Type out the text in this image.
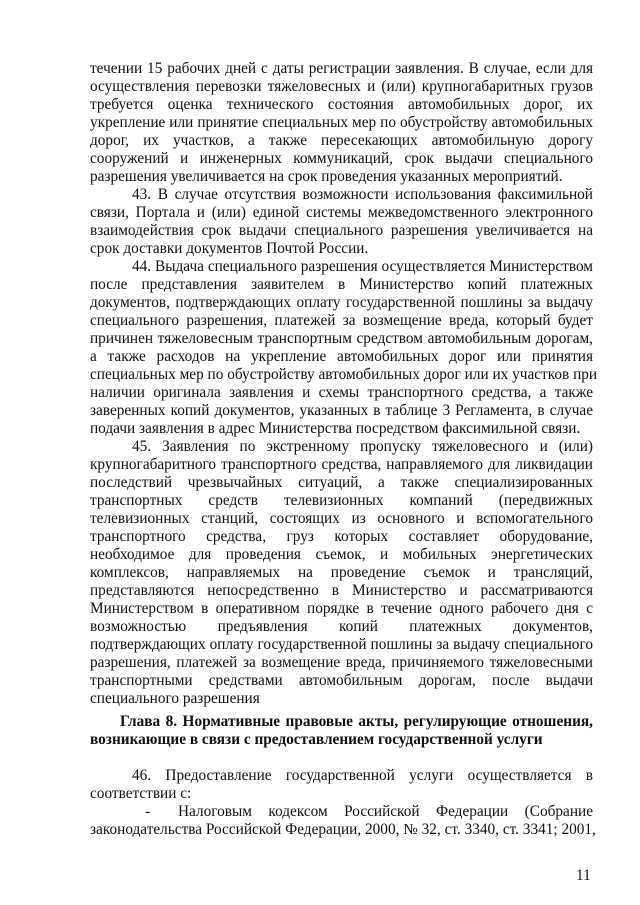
течении 15 рабочих дней с даты регистрации заявления. В случае, если для
осуществления перевозки тяжеловесных и (или) крупногабаритных грузов
требуется оценка технического состояния автомобильных дорог, их
укрепление или принятие специальных мер по обустройству автомобильных
дорог, их участков, а также пересекающих автомобильную дорогу
сооружений и инженерных коммуникаций, срок выдачи специального
разрешения увеличивается на срок проведения указанных мероприятий.
43. В случае отсутствия возможности использования факсимильной
связи, Портала и (или) единой системы межведомственного электронного
взаимодействия срок выдачи специального разрешения увеличивается на
срок доставки документов Почтой России.
44. Выдача специального разрешения осуществляется Министерством
после представления заявителем в Министерство копий платежных
документов, подтверждающих оплату государственной пошлины за выдачу
специального разрешения, платежей за возмещение вреда, который будет
причинен тяжеловесным транспортным средством автомобильным дорогам,
а также расходов на укрепление автомобильных дорог или принятия
специальных мер по обустройству автомобильных дорог или их участков при
наличии оригинала заявления и схемы транспортного средства, а также
заверенных копий документов, указанных в таблице 3 Регламента, в случае
подачи заявления в адрес Министерства посредством факсимильной связи.
45. Заявления по экстренному пропуску тяжеловесного и (или)
крупногабаритного транспортного средства, направляемого для ликвидации
последствий чрезвычайных ситуаций, а также специализированных
транспортных средств телевизионных компаний (передвижных
телевизионных станций, состоящих из основного и вспомогательного
транспортного средства, груз которых составляет оборудование,
необходимое для проведения съемок, и мобильных энергетических
комплексов, направляемых на проведение съемок и трансляций,
представляются непосредственно в Министерство и рассматриваются
Министерством в оперативном порядке в течение одного рабочего дня с
возможностью предъявления копий платежных документов,
подтверждающих оплату государственной пошлины за выдачу специального
разрешения, платежей за возмещение вреда, причиняемого тяжеловесными
транспортными средствами автомобильным дорогам, после выдачи
специального разрешения
Глава 8. Нормативные правовые акты, регулирующие отношения,
возникающие в связи с предоставлением государственной услуги
46. Предоставление государственной услуги осуществляется в
соответствии с:
- Налоговым кодексом Российской Федерации (Собрание
законодательства Российской Федерации, 2000, № 32, ст. 3340, ст. 3341; 2001,
11
